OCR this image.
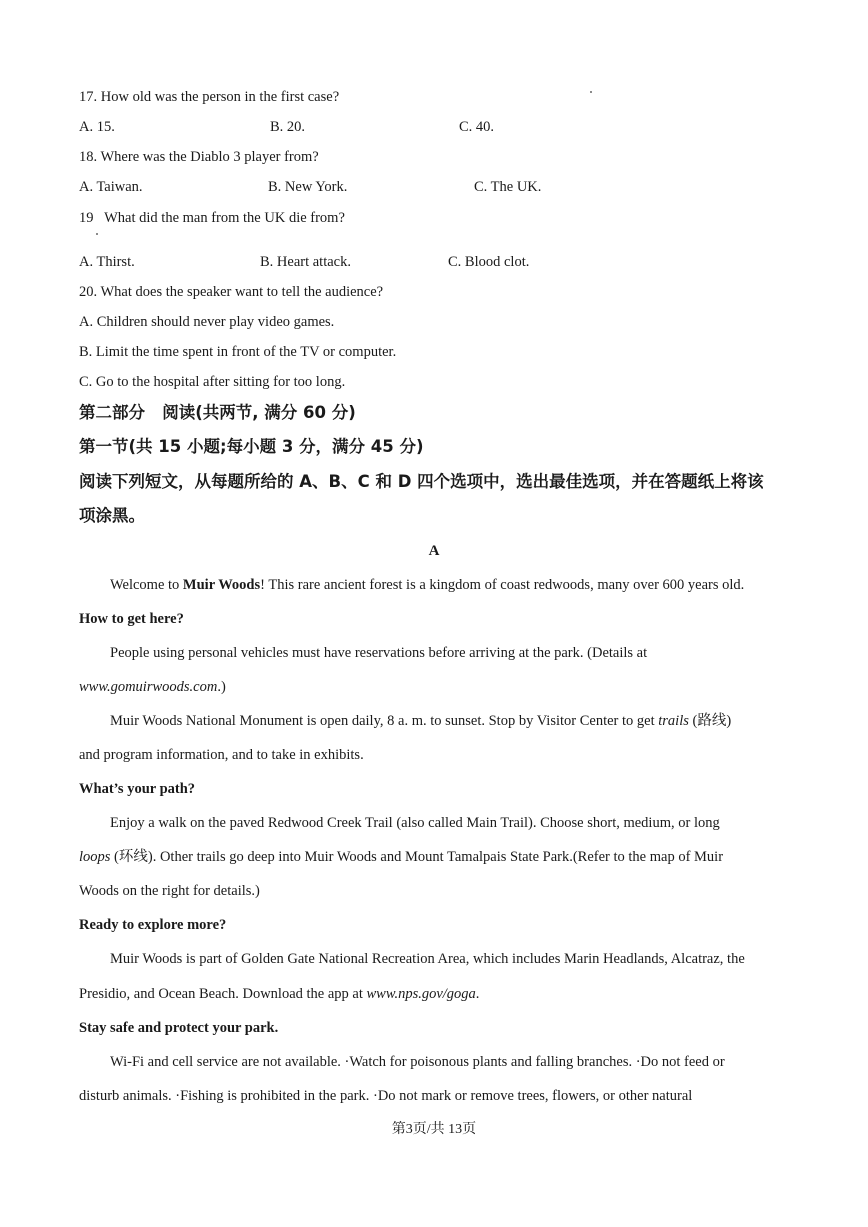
17. How old was the person in the first case?
A. 15.	B. 20.	C. 40.
18. Where was the Diablo 3 player from?
A. Taiwan.	B. New York.	C. The UK.
19   What did the man from the UK die from?
A. Thirst.	B. Heart attack.	C. Blood clot.
20. What does the speaker want to tell the audience?
A. Children should never play video games.
B. Limit the time spent in front of the TV or computer.
C. Go to the hospital after sitting for too long.
第二部分   阅读(共两节, 满分 60 分)
第一节(共 15 小题;每小题 3 分，满分 45 分)
阅读下列短文，从每题所给的 A、B、C 和 D 四个选项中，选出最佳选项，并在答题纸上将该
项涂黑。
A
Welcome to Muir Woods! This rare ancient forest is a kingdom of coast redwoods, many over 600 years old.
How to get here?
People using personal vehicles must have reservations before arriving at the park. (Details at
www.gomuirwoods.com.)
Muir Woods National Monument is open daily, 8 a. m. to sunset. Stop by Visitor Center to get trails (路线)
and program information, and to take in exhibits.
What’s your path?
Enjoy a walk on the paved Redwood Creek Trail (also called Main Trail). Choose short, medium, or long
loops (环线). Other trails go deep into Muir Woods and Mount Tamalpais State Park.(Refer to the map of Muir
Woods on the right for details.)
Ready to explore more?
Muir Woods is part of Golden Gate National Recreation Area, which includes Marin Headlands, Alcatraz, the
Presidio, and Ocean Beach. Download the app at www.nps.gov/goga.
Stay safe and protect your park.
Wi-Fi and cell service are not available. ·Watch for poisonous plants and falling branches. ·Do not feed or
disturb animals. ·Fishing is prohibited in the park. ·Do not mark or remove trees, flowers, or other natural
第3页/共 13页
